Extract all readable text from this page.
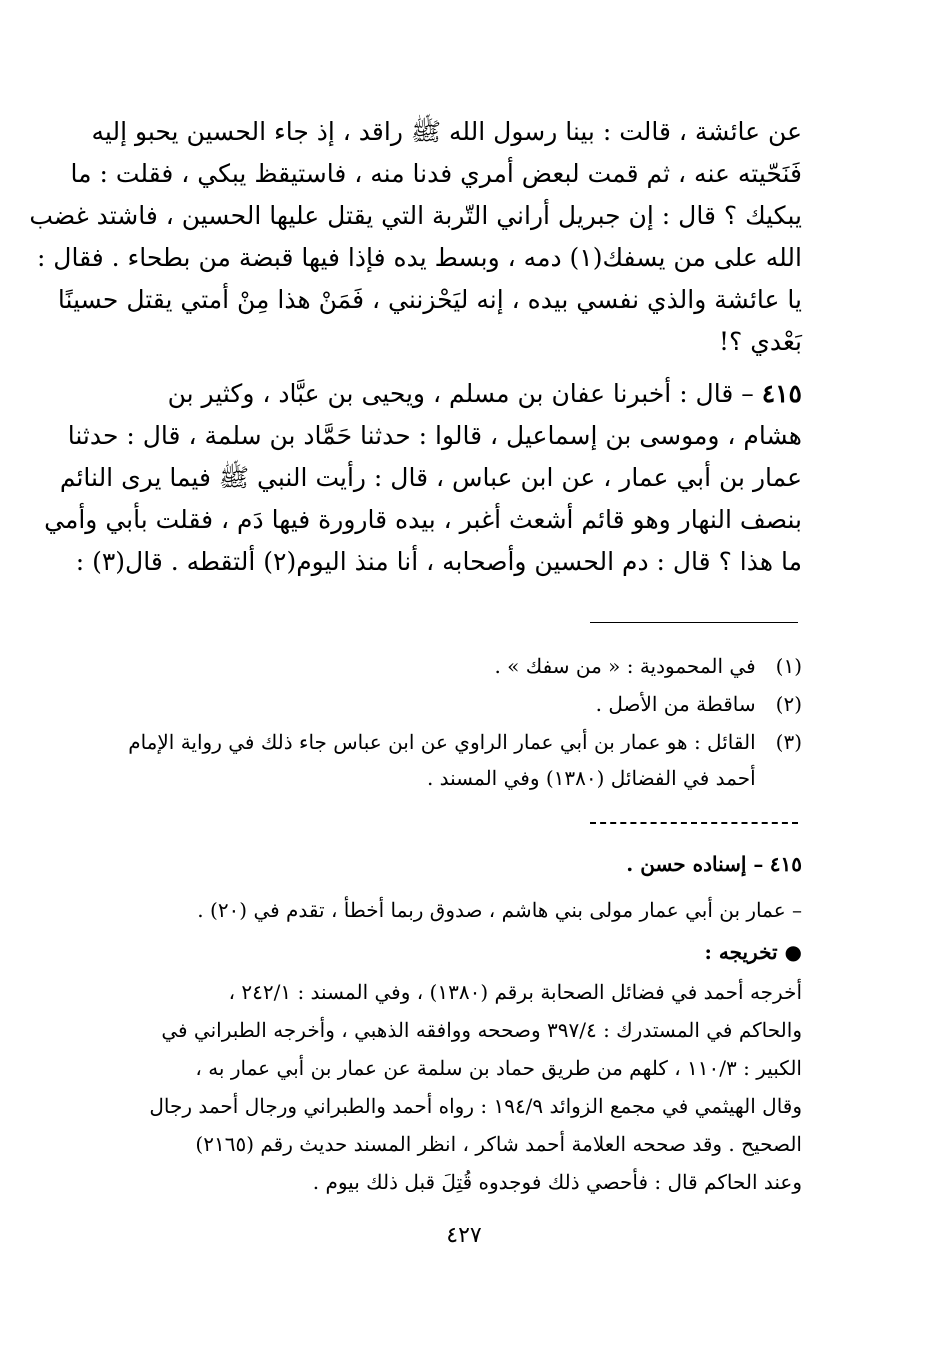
عن عائشة ، قالت : بينا رسول الله ﷺ راقد ، إذ جاء الحسين يحبو إليه
فَنَحّيته عنه ، ثم قمت لبعض أمري فدنا منه ، فاستيقظ يبكي ، فقلت : ما
يبكيك ؟ قال : إن جبريل أراني التّربة التي يقتل عليها الحسين ، فاشتد غضب
الله على من يسفك(١) دمه ، وبسط يده فإذا فيها قبضة من بطحاء . فقال :
يا عائشة والذي نفسي بيده ، إنه ليَحْزنني ، فَمَنْ هذا مِنْ أمتي يقتل حسينًا
بَعْدي ؟!
٤١٥ – قال : أخبرنا عفان بن مسلم ، ويحيى بن عبَّاد ، وكثير بن
هشام ، وموسى بن إسماعيل ، قالوا : حدثنا حَمَّاد بن سلمة ، قال : حدثنا
عمار بن أبي عمار ، عن ابن عباس ، قال : رأيت النبي ﷺ فيما يرى النائم
بنصف النهار وهو قائم أشعث أغبر ، بيده قارورة فيها دَم ، فقلت بأبي وأمي
ما هذا ؟ قال : دم الحسين وأصحابه ، أنا منذ اليوم(٢) ألتقطه . قال(٣) :
(١) في المحمودية : « من سفك » .
(٢) ساقطة من الأصل .
(٣) القائل : هو عمار بن أبي عمار الراوي عن ابن عباس جاء ذلك في رواية الإمام
أحمد في الفضائل (١٣٨٠) وفي المسند .
٤١٥ – إسناده حسن .
– عمار بن أبي عمار مولى بني هاشم ، صدوق ربما أخطأ ، تقدم في (٢٠) .
● تخريجه :
أخرجه أحمد في فضائل الصحابة برقم (١٣٨٠) ، وفي المسند : ٢٤٢/١ ،
والحاكم في المستدرك : ٣٩٧/٤ وصححه ووافقه الذهبي ، وأخرجه الطبراني في
الكبير : ١١٠/٣ ، كلهم من طريق حماد بن سلمة عن عمار بن أبي عمار به ،
وقال الهيثمي في مجمع الزوائد ١٩٤/٩ : رواه أحمد والطبراني ورجال أحمد رجال
الصحيح . وقد صححه العلامة أحمد شاكر ، انظر المسند حديث رقم (٢١٦٥)
وعند الحاكم قال : فأحصي ذلك فوجدوه قُتِلَ قبل ذلك بيوم .
٤٢٧
